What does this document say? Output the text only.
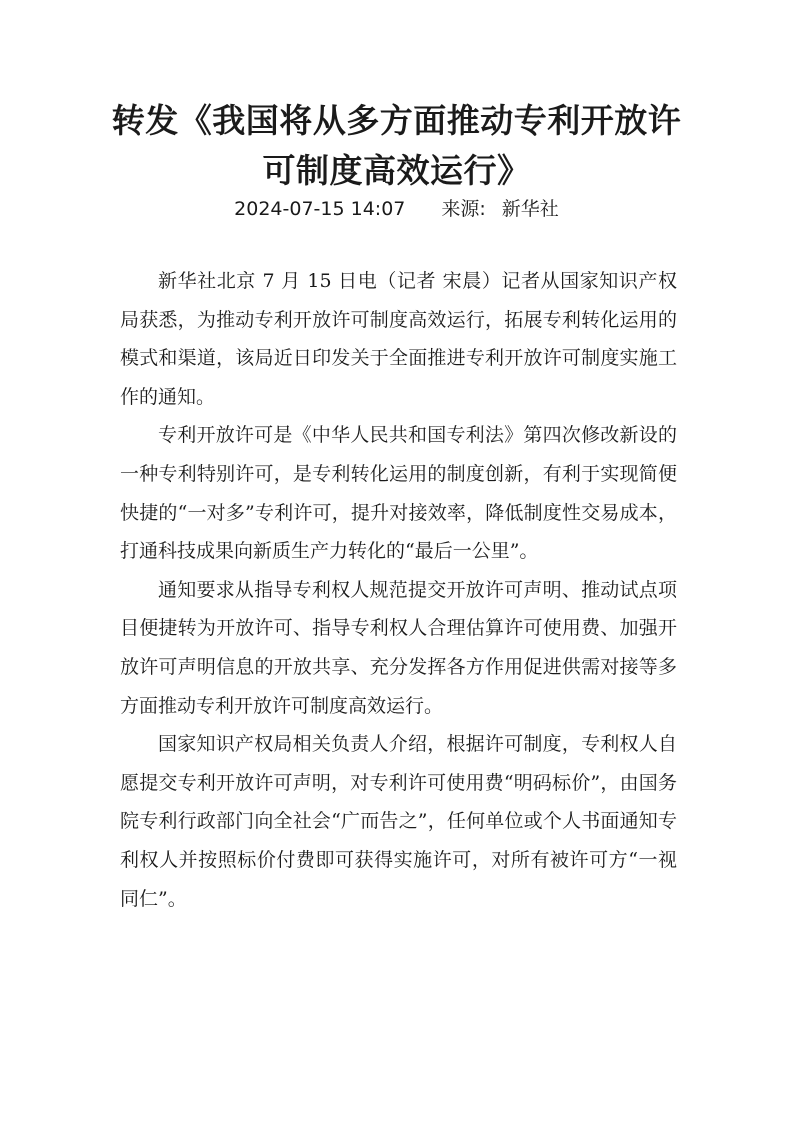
转发《我国将从多方面推动专利开放许可制度高效运行》
2024-07-15 14:07 来源: 新华社

新华社北京 7 月 15 日电（记者 宋晨）记者从国家知识产权局获悉，为推动专利开放许可制度高效运行，拓展专利转化运用的模式和渠道，该局近日印发关于全面推进专利开放许可制度实施工作的通知。

专利开放许可是《中华人民共和国专利法》第四次修改新设的一种专利特别许可，是专利转化运用的制度创新，有利于实现简便快捷的“一对多”专利许可，提升对接效率，降低制度性交易成本，打通科技成果向新质生产力转化的“最后一公里”。

通知要求从指导专利权人规范提交开放许可声明、推动试点项目便捷转为开放许可、指导专利权人合理估算许可使用费、加强开放许可声明信息的开放共享、充分发挥各方作用促进供需对接等多方面推动专利开放许可制度高效运行。

国家知识产权局相关负责人介绍，根据许可制度，专利权人自愿提交专利开放许可声明，对专利许可使用费“明码标价”，由国务院专利行政部门向全社会“广而告之”，任何单位或个人书面通知专利权人并按照标价付费即可获得实施许可，对所有被许可方“一视同仁”。
